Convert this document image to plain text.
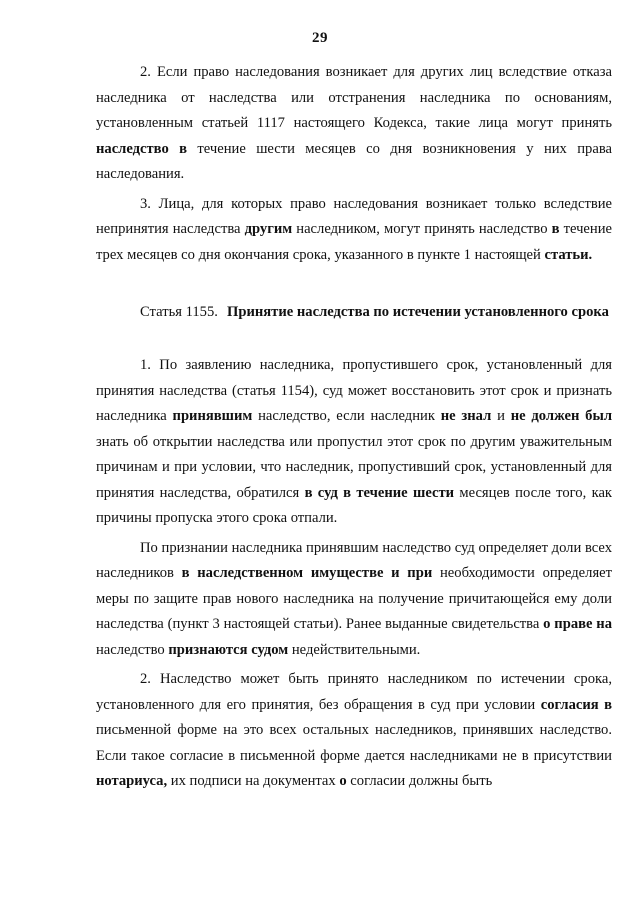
29

2. Если право наследования возникает для других лиц вследствие отказа наследника от наследства или отстранения наследника по основаниям, установленным статьей 1117 настоящего Кодекса, такие лица могут принять наследство в течение шести месяцев со дня возникновения у них права наследования.

3. Лица, для которых право наследования возникает только вследствие непринятия наследства другим наследником, могут принять наследство в течение трех месяцев со дня окончания срока, указанного в пункте 1 настоящей статьи.

Статья 1155. Принятие наследства по истечении установленного срока

1. По заявлению наследника, пропустившего срок, установленный для принятия наследства (статья 1154), суд может восстановить этот срок и признать наследника принявшим наследство, если наследник не знал и не должен был знать об открытии наследства или пропустил этот срок по другим уважительным причинам и при условии, что наследник, пропустивший срок, установленный для принятия наследства, обратился в суд в течение шести месяцев после того, как причины пропуска этого срока отпали.

По признании наследника принявшим наследство суд определяет доли всех наследников в наследственном имуществе и при необходимости определяет меры по защите прав нового наследника на получение причитающейся ему доли наследства (пункт 3 настоящей статьи). Ранее выданные свидетельства о праве на наследство признаются судом недействительными.

2. Наследство может быть принято наследником по истечении срока, установленного для его принятия, без обращения в суд при условии согласия в письменной форме на это всех остальных наследников, принявших наследство. Если такое согласие в письменной форме дается наследниками не в присутствии нотариуса, их подписи на документах о согласии должны быть
